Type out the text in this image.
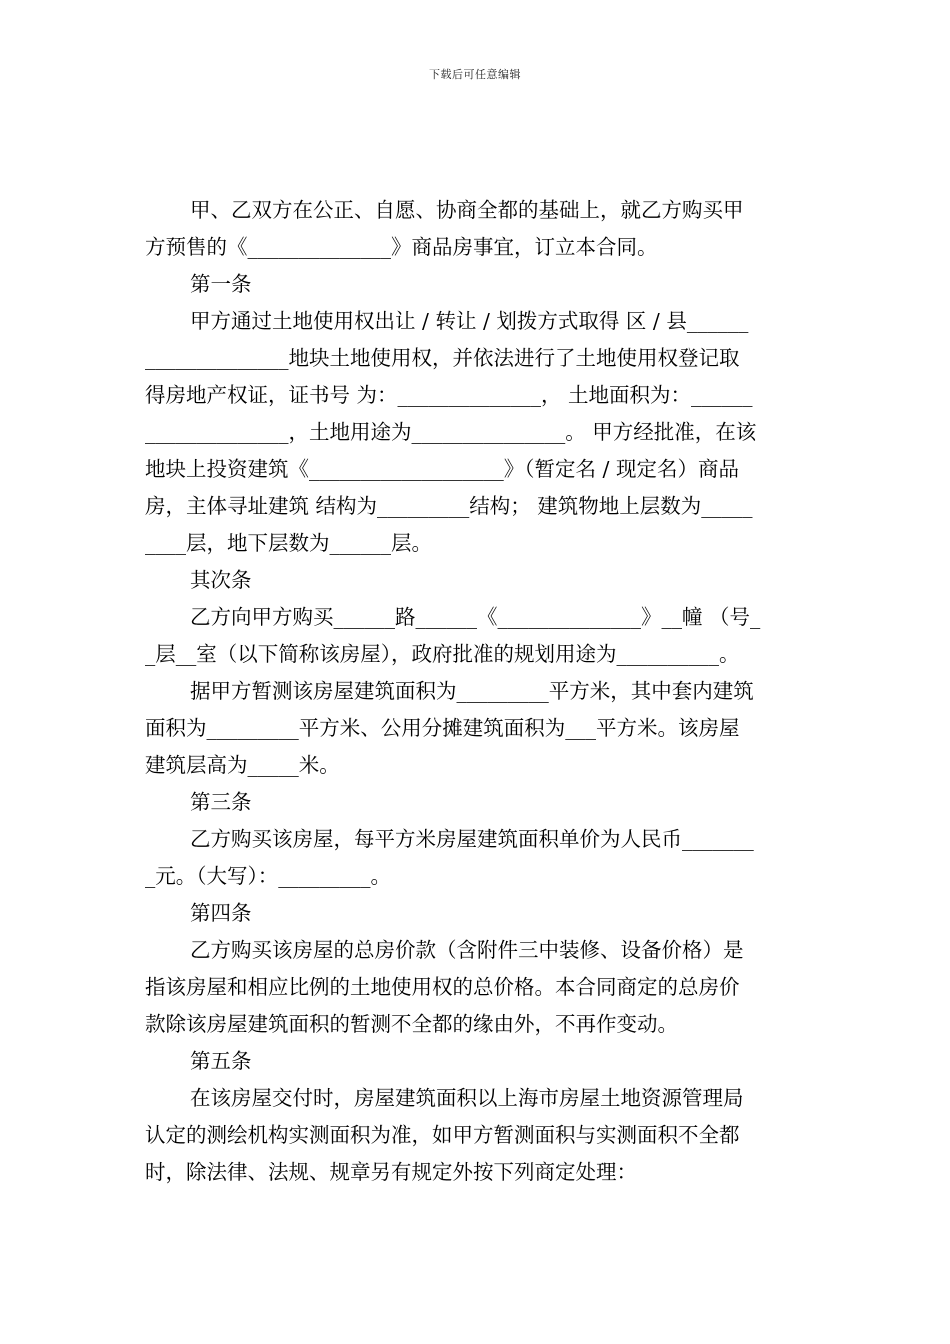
下载后可任意编辑
甲、乙双方在公正、自愿、协商全都的基础上，就乙方购买甲
方预售的《______________》商品房事宜，订立本合同。
第一条
甲方通过土地使用权出让 / 转让 / 划拨方式取得 区 / 县______
______________地块土地使用权，并依法进行了土地使用权登记取
得房地产权证，证书号 为：______________， 土地面积为：______
______________，土地用途为_______________。 甲方经批准，在该
地块上投资建筑《___________________》（暂定名 / 现定名）商品
房，主体寻址建筑 结构为_________结构； 建筑物地上层数为_____
____层，地下层数为______层。
其次条
乙方向甲方购买______路______《______________》__幢 （号_
_层__室（以下简称该房屋），政府批准的规划用途为__________。
据甲方暂测该房屋建筑面积为_________平方米，其中套内建筑
面积为_________平方米、公用分摊建筑面积为___平方米。该房屋
建筑层高为_____米。
第三条
乙方购买该房屋，每平方米房屋建筑面积单价为人民币_______
_元。（大写）：_________。
第四条
乙方购买该房屋的总房价款（含附件三中装修、设备价格）是
指该房屋和相应比例的土地使用权的总价格。本合同商定的总房价
款除该房屋建筑面积的暂测不全都的缘由外，不再作变动。
第五条
在该房屋交付时，房屋建筑面积以上海市房屋土地资源管理局
认定的测绘机构实测面积为准，如甲方暂测面积与实测面积不全都
时，除法律、法规、规章另有规定外按下列商定处理：
